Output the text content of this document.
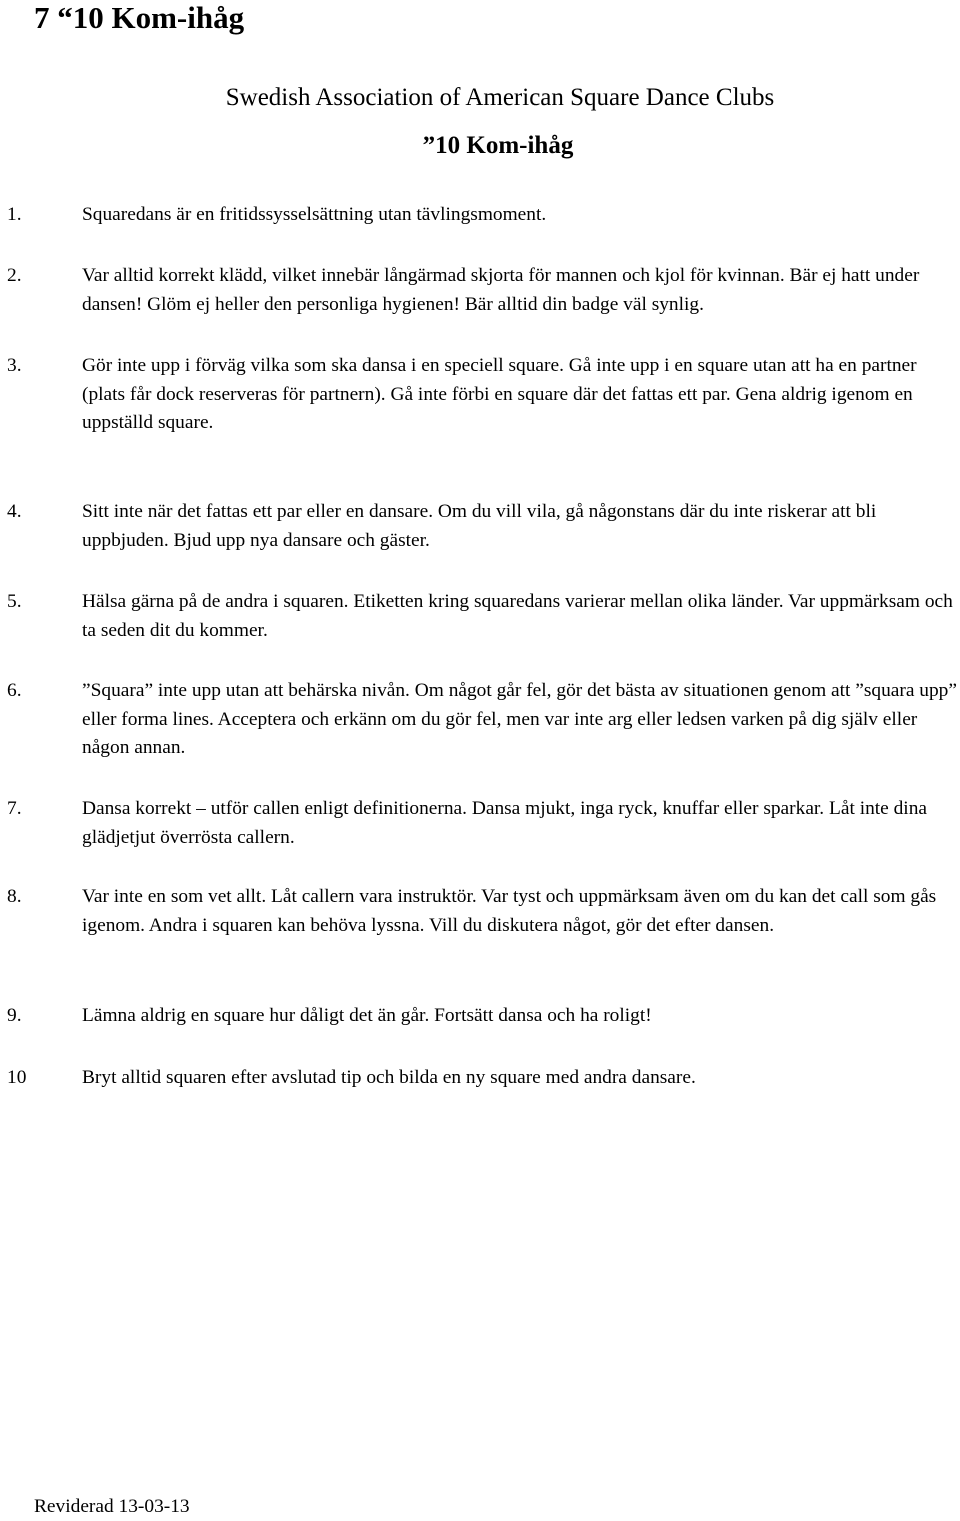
7 “10 Kom-ihåg
Swedish Association of American Square Dance Clubs
”10 Kom-ihåg
1.	Squaredans är en fritidssysselsättning utan tävlingsmoment.
2.	Var alltid korrekt klädd, vilket innebär långärmad skjorta för mannen och kjol för kvinnan. Bär ej hatt under dansen! Glöm ej heller den personliga hygienen! Bär alltid din badge väl synlig.
3.	Gör inte upp i förväg vilka som ska dansa i en speciell square. Gå inte upp i en square utan att ha en partner (plats får dock reserveras för partnern). Gå inte förbi en square där det fattas ett par. Gena aldrig igenom en uppställd square.
4.	Sitt inte när det fattas ett par eller en dansare. Om du vill vila, gå någonstans där du inte riskerar att bli uppbjuden. Bjud upp nya dansare och gäster.
5.	Hälsa gärna på de andra i squaren. Etiketten kring squaredans varierar mellan olika länder. Var uppmärksam och ta seden dit du kommer.
6.	”Squara” inte upp utan att behärska nivån. Om något går fel, gör det bästa av situationen genom att ”squara upp” eller forma lines. Acceptera och erkänn om du gör fel, men var inte arg eller ledsen varken på dig själv eller någon annan.
7.	Dansa korrekt – utför callen enligt definitionerna. Dansa mjukt, inga ryck, knuffar eller sparkar. Låt inte dina glädjetjut överrösta callern.
8.	Var inte en som vet allt. Låt callern vara instruktör. Var tyst och uppmärksam även om du kan det call som gås igenom. Andra i squaren kan behöva lyssna. Vill du diskutera något, gör det efter dansen.
9.	Lämna aldrig en square hur dåligt det än går. Fortsätt dansa och ha roligt!
10	Bryt alltid squaren efter avslutad tip och bilda en ny square med andra dansare.
Reviderad 13-03-13
